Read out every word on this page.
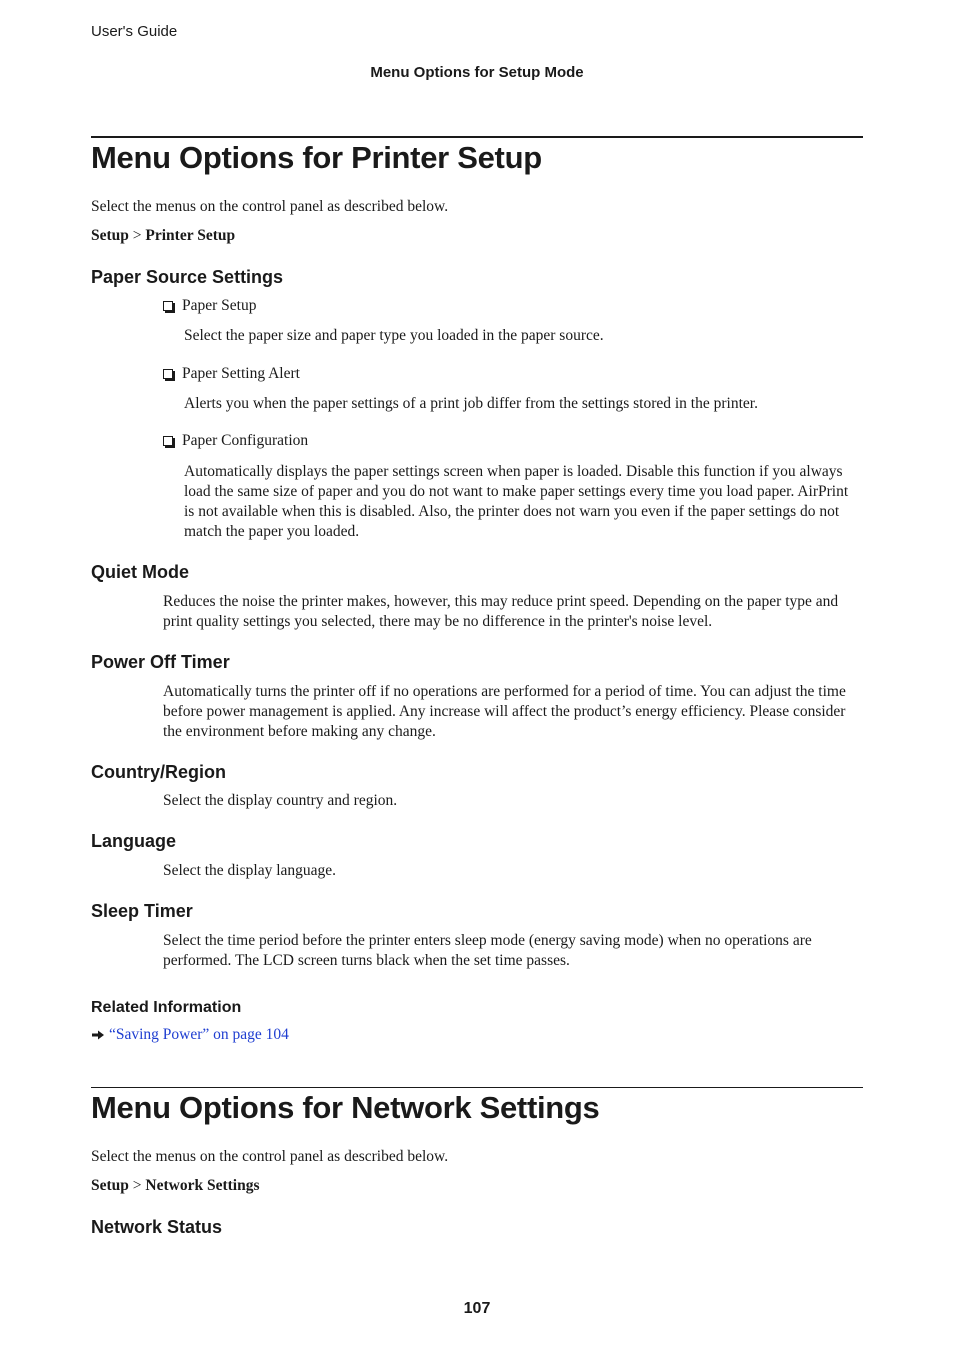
User's Guide
Menu Options for Setup Mode
Menu Options for Printer Setup

Select the menus on the control panel as described below.

Setup > Printer Setup
Paper Source Settings
Paper Setup

Select the paper size and paper type you loaded in the paper source.

Paper Setting Alert

Alerts you when the paper settings of a print job differ from the settings stored in the printer.

Paper Configuration

Automatically displays the paper settings screen when paper is loaded. Disable this function if you always load the same size of paper and you do not want to make paper settings every time you load paper. AirPrint is not available when this is disabled. Also, the printer does not warn you even if the paper settings do not match the paper you loaded.

Quiet Mode

Reduces the noise the printer makes, however, this may reduce print speed. Depending on the paper type and print quality settings you selected, there may be no difference in the printer's noise level.

Power Off Timer

Automatically turns the printer off if no operations are performed for a period of time. You can adjust the time before power management is applied. Any increase will affect the product’s energy efficiency. Please consider the environment before making any change.

Country/Region

Select the display country and region.

Language

Select the display language.

Sleep Timer

Select the time period before the printer enters sleep mode (energy saving mode) when no operations are performed. The LCD screen turns black when the set time passes.

Related Information
“Saving Power” on page 104
Menu Options for Network Settings

Select the menus on the control panel as described below.

Setup > Network Settings
Network Status
107
